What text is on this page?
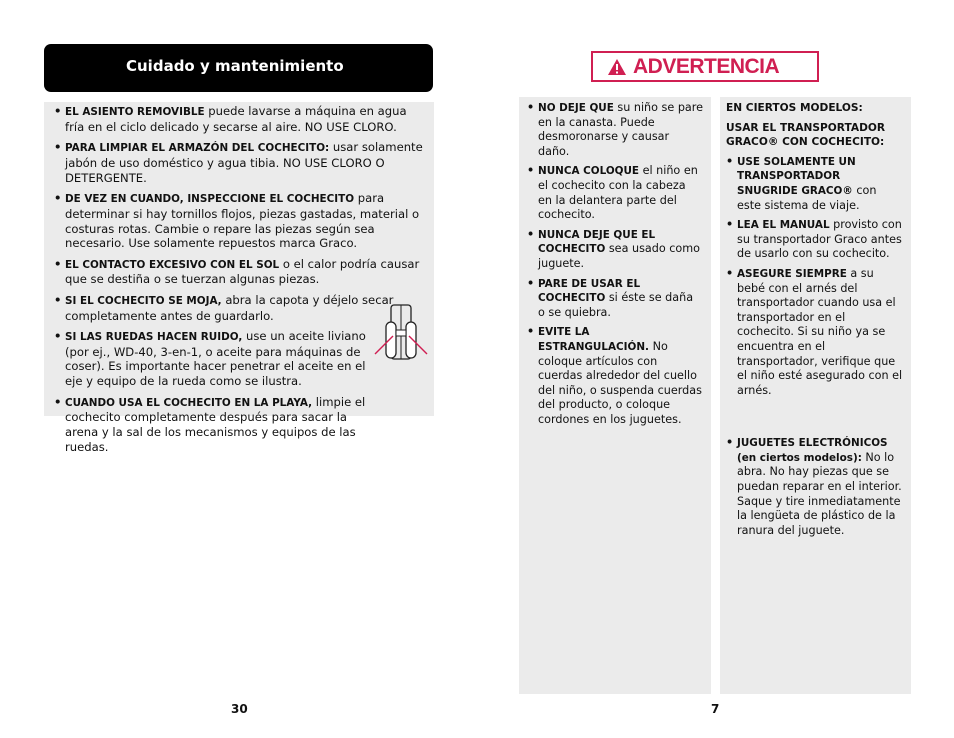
Cuidado y mantenimiento
• EL ASIENTO REMOVIBLE puede lavarse a máquina en agua fría en el ciclo delicado y secarse al aire. NO USE CLORO.
• PARA LIMPIAR EL ARMAZÓN DEL COCHECITO: usar solamente jabón de uso doméstico y agua tibia. NO USE CLORO O DETERGENTE.
• DE VEZ EN CUANDO, INSPECCIONE EL COCHECITO para determinar si hay tornillos flojos, piezas gastadas, material o costuras rotas. Cambie o repare las piezas según sea necesario. Use solamente repuestos marca Graco.
• EL CONTACTO EXCESIVO CON EL SOL o el calor podría causar que se destiña o se tuerzan algunas piezas.
• SI EL COCHECITO SE MOJA, abra la capota y déjelo secar completamente antes de guardarlo.
• SI LAS RUEDAS HACEN RUIDO, use un aceite liviano (por ej., WD-40, 3-en-1, o aceite para máquinas de coser). Es importante hacer penetrar el aceite en el eje y equipo de la rueda como se ilustra.
• CUANDO USA EL COCHECITO EN LA PLAYA, limpie el cochecito completamente después para sacar la arena y la sal de los mecanismos y equipos de las ruedas.
30
ADVERTENCIA
• NO DEJE QUE su niño se pare en la canasta. Puede desmoronarse y causar daño.
• NUNCA COLOQUE el niño en el cochecito con la cabeza en la delantera parte del cochecito.
• NUNCA DEJE QUE EL COCHECITO sea usado como juguete.
• PARE DE USAR EL COCHECITO si éste se daña o se quiebra.
• EVITE LA ESTRANGULACIÓN. No coloque artículos con cuerdas alrededor del cuello del niño, o suspenda cuerdas del producto, o coloque cordones en los juguetes.
EN CIERTOS MODELOS:
USAR EL TRANSPORTADOR GRACO® CON COCHECITO:
• USE SOLAMENTE UN TRANSPORTADOR SNUGRIDE GRACO® con este sistema de viaje.
• LEA EL MANUAL provisto con su transportador Graco antes de usarlo con su cochecito.
• ASEGURE SIEMPRE a su bebé con el arnés del transportador cuando usa el transportador en el cochecito. Si su niño ya se encuentra en el transportador, verifique que el niño esté asegurado con el arnés.
• JUGUETES ELECTRÓNICOS (en ciertos modelos): No lo abra. No hay piezas que se puedan reparar en el interior. Saque y tire inmediatamente la lengüeta de plástico de la ranura del juguete.
7
